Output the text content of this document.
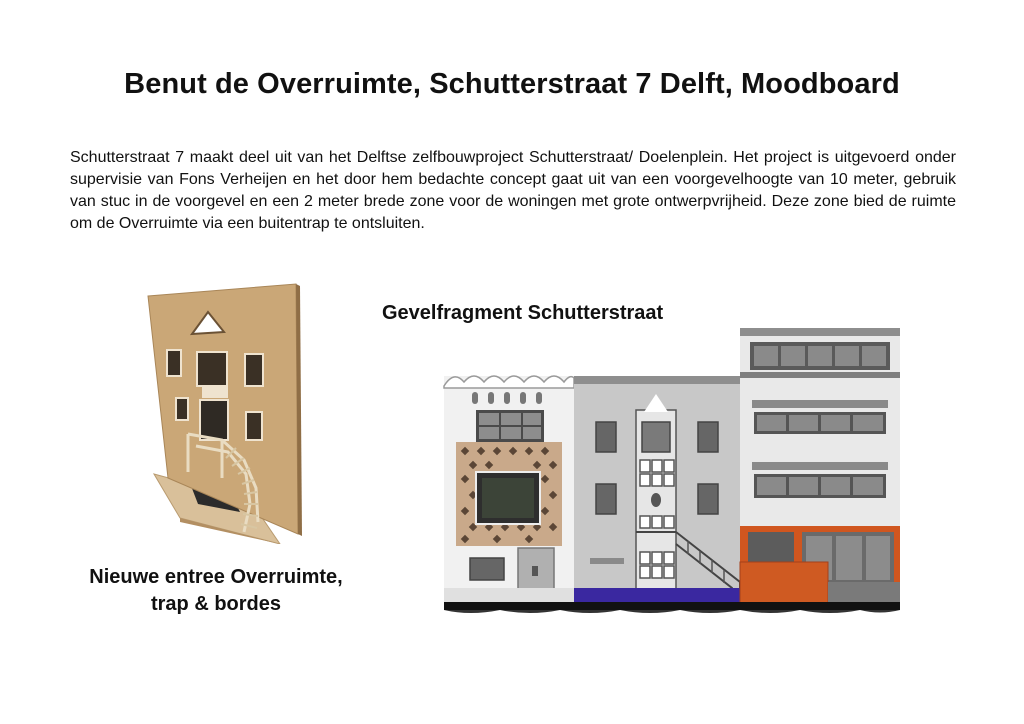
Benut de Overruimte, Schutterstraat 7 Delft, Moodboard
Schutterstraat 7 maakt deel uit van het Delftse zelfbouwproject Schutterstraat/ Doelenplein. Het project is uitgevoerd onder supervisie van Fons Verheijen en het door hem bedachte concept gaat uit van een voorgevelhoogte van 10 meter, gebruik van stuc in de voorgevel en een 2 meter brede zone voor de woningen met grote ontwerpvrijheid. Deze zone bied de ruimte om de Overruimte via een buitentrap te ontsluiten.
Nieuwe entree Overruimte,
trap & bordes
Gevelfragment Schutterstraat
